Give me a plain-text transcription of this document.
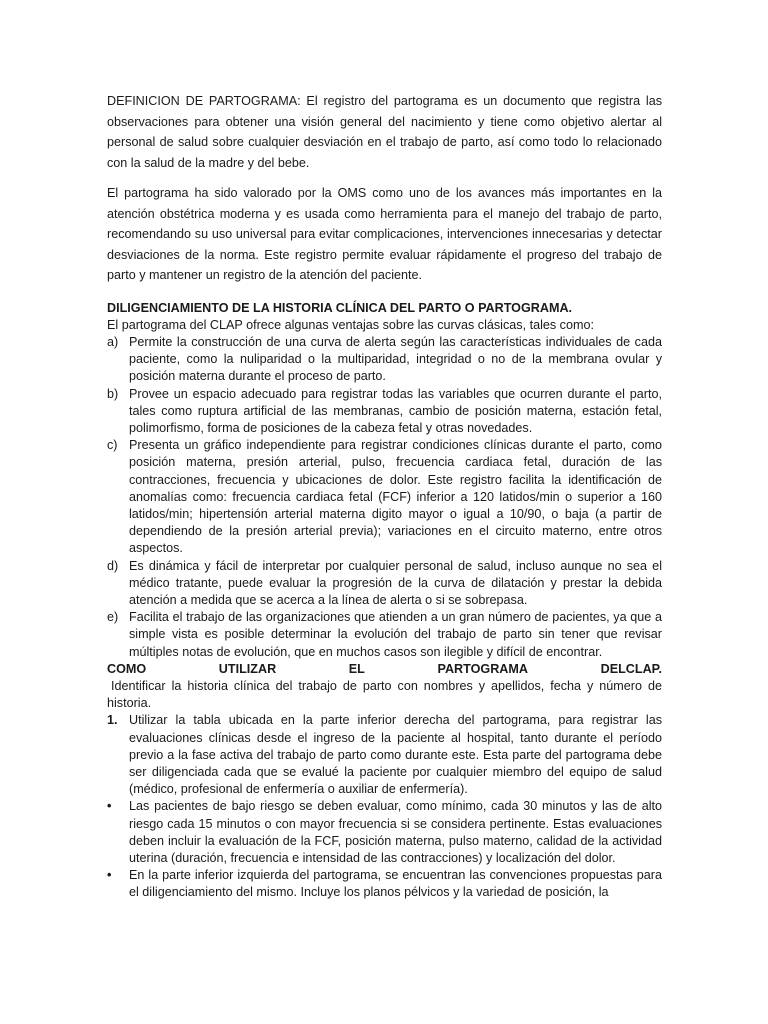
DEFINICION DE PARTOGRAMA: El registro del partograma es un documento que registra las observaciones para obtener una visión general del nacimiento y tiene como objetivo alertar al personal de salud sobre cualquier desviación en el trabajo de parto, así como todo lo relacionado con la salud de la madre y del bebe.

El partograma ha sido valorado por la OMS como uno de los avances más importantes en la atención obstétrica moderna y es usada como herramienta para el manejo del trabajo de parto, recomendando su uso universal para evitar complicaciones, intervenciones innecesarias y detectar desviaciones de la norma. Este registro permite evaluar rápidamente el progreso del trabajo de parto y mantener un registro de la atención del paciente.

DILIGENCIAMIENTO DE LA HISTORIA CLÍNICA DEL PARTO O PARTOGRAMA.

El partograma del CLAP ofrece algunas ventajas sobre las curvas clásicas, tales como:

a) Permite la construcción de una curva de alerta según las características individuales de cada paciente, como la nuliparidad o la multiparidad, integridad o no de la membrana ovular y posición materna durante el proceso de parto.
b) Provee un espacio adecuado para registrar todas las variables que ocurren durante el parto, tales como ruptura artificial de las membranas, cambio de posición materna, estación fetal, polimorfismo, forma de posiciones de la cabeza fetal y otras novedades.
c) Presenta un gráfico independiente para registrar condiciones clínicas durante el parto, como posición materna, presión arterial, pulso, frecuencia cardiaca fetal, duración de las contracciones, frecuencia y ubicaciones de dolor. Este registro facilita la identificación de anomalías como: frecuencia cardiaca fetal (FCF) inferior a 120 latidos/min o superior a 160 latidos/min; hipertensión arterial materna digito mayor o igual a 10/90, o baja (a partir de dependiendo de la presión arterial previa); variaciones en el circuito materno, entre otros aspectos.
d) Es dinámica y fácil de interpretar por cualquier personal de salud, incluso aunque no sea el médico tratante, puede evaluar la progresión de la curva de dilatación y prestar la debida atención a medida que se acerca a la línea de alerta o si se sobrepasa.
e) Facilita el trabajo de las organizaciones que atienden a un gran número de pacientes, ya que a simple vista es posible determinar la evolución del trabajo de parto sin tener que revisar múltiples notas de evolución, que en muchos casos son ilegible y difícil de encontrar.
COMO	UTILIZAR	EL	PARTOGRAMA	DELCLAP.

Identificar la historia clínica del trabajo de parto con nombres y apellidos, fecha y número de historia.

1. Utilizar la tabla ubicada en la parte inferior derecha del partograma, para registrar las evaluaciones clínicas desde el ingreso de la paciente al hospital, tanto durante el período previo a la fase activa del trabajo de parto como durante este. Esta parte del partograma debe ser diligenciada cada que se evalué la paciente por cualquier miembro del equipo de salud (médico, profesional de enfermería o auxiliar de enfermería).
• Las pacientes de bajo riesgo se deben evaluar, como mínimo, cada 30 minutos y las de alto riesgo cada 15 minutos o con mayor frecuencia si se considera pertinente. Estas evaluaciones deben incluir la evaluación de la FCF, posición materna, pulso materno, calidad de la actividad uterina (duración, frecuencia e intensidad de las contracciones) y localización del dolor.
• En la parte inferior izquierda del partograma, se encuentran las convenciones propuestas para el diligenciamiento del mismo. Incluye los planos pélvicos y la variedad de posición, la
